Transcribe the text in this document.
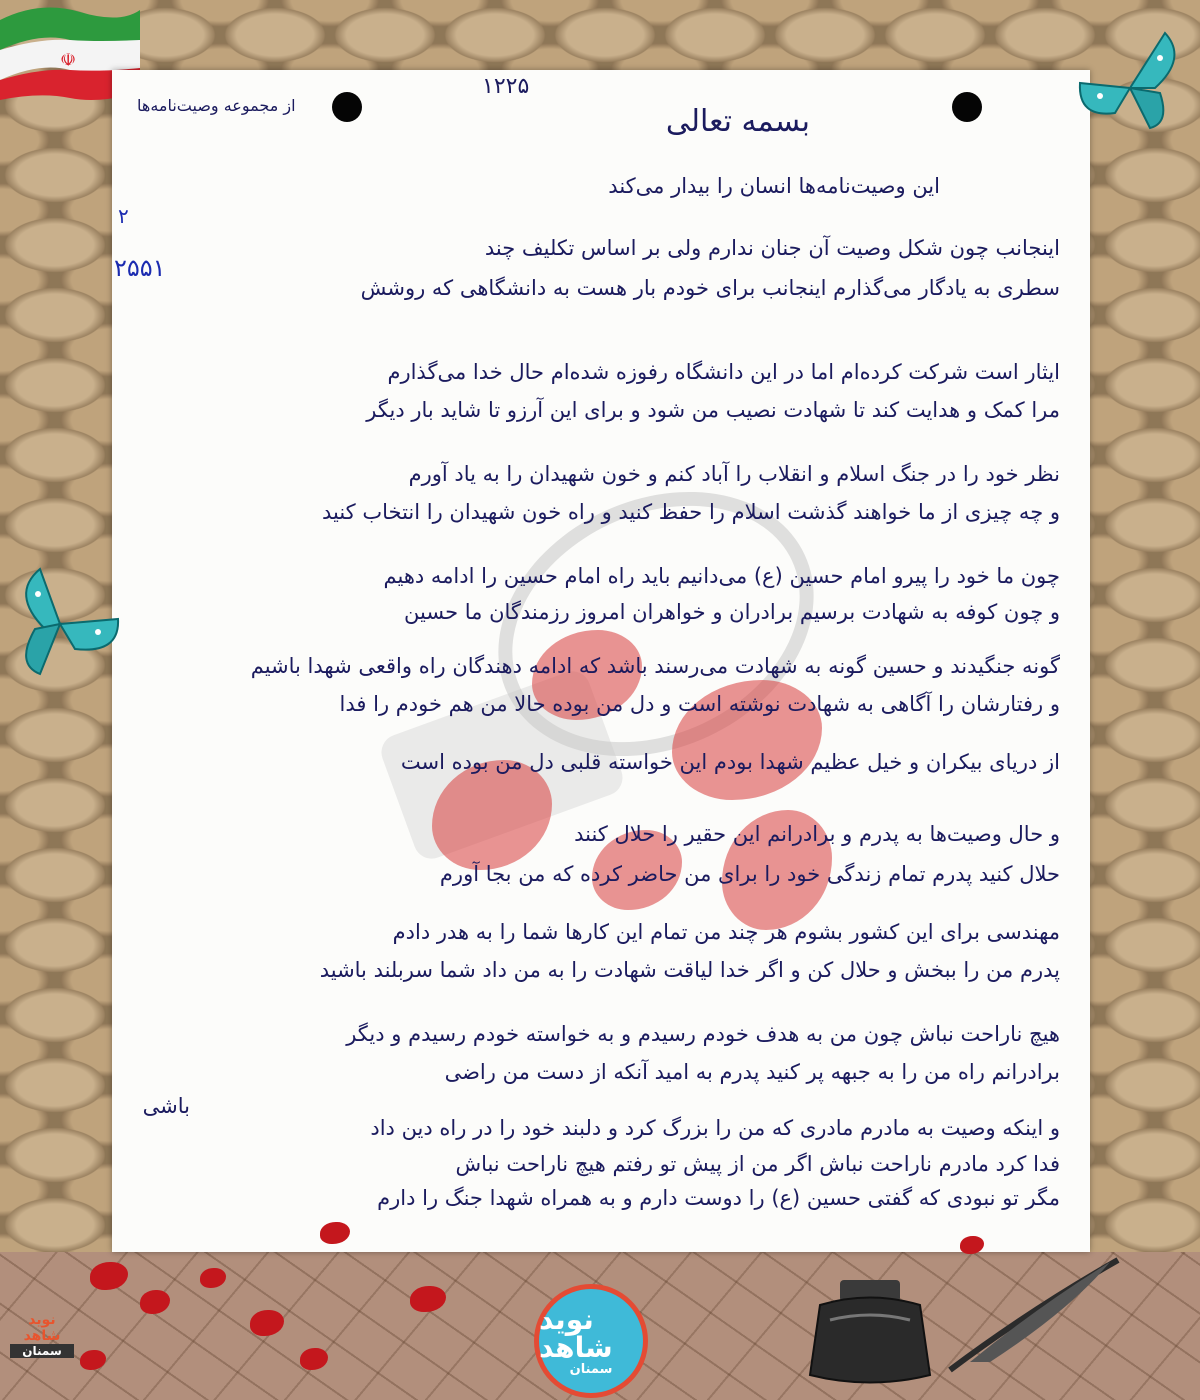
☫
از مجموعه وصیت‌نامه‌ها
۱۲۲۵
۲
۲۵۵۱
بسمه تعالی
این وصیت‌نامه‌ها انسان را بیدار می‌کند
اینجانب چون شکل وصیت آن جنان ندارم ولی بر اساس تکلیف چند
سطری به یادگار می‌گذارم اینجانب برای خودم بار هست به دانشگاهی که روشش
ایثار است شرکت کرده‌ام اما در این دانشگاه رفوزه شده‌ام حال خدا می‌گذارم
مرا کمک و هدایت کند تا شهادت نصیب من شود و برای این آرزو تا شاید بار دیگر
نظر خود را در جنگ اسلام و انقلاب را آباد کنم و خون شهیدان را به یاد آورم
و چه چیزی از ما خواهند گذشت اسلام را حفظ کنید و راه خون شهیدان را انتخاب کنید
چون ما خود را پیرو امام حسین (ع) می‌دانیم باید راه امام حسین را ادامه دهیم
و چون کوفه به شهادت برسیم برادران و خواهران امروز رزمندگان ما حسین
گونه جنگیدند و حسین گونه به شهادت می‌رسند باشد که ادامه دهندگان راه واقعی شهدا باشیم
و رفتارشان را آگاهی به شهادت نوشته است و دل من بوده حالا من هم خودم را فدا
از دریای بیکران و خیل عظیم شهدا بودم این خواسته قلبی دل من بوده است
و حال وصیت‌ها به پدرم و برادرانم این حقیر را حلال کنند
حلال کنید پدرم تمام زندگی خود را برای من حاضر کرده که من بجا آورم
مهندسی برای این کشور بشوم هر چند من تمام این کارها شما را به هدر دادم
پدرم من را ببخش و حلال کن و اگر خدا لیاقت شهادت را به من داد شما سربلند باشید
هیچ ناراحت نباش چون من به هدف خودم رسیدم و به خواسته خودم رسیدم و دیگر
برادرانم راه من را به جبهه پر کنید پدرم به امید آنکه از دست من راضی
باشی
و اینکه وصیت به مادرم مادری که من را بزرگ کرد و دلبند خود را در راه دین داد
فدا کرد مادرم ناراحت نباش اگر من از پیش تو رفتم هیچ ناراحت نباش
مگر تو نبودی که گفتی حسین (ع) را دوست دارم و به همراه شهدا جنگ را دارم
نوید شاهد
سمنان
نوید شاهد
سمنان
